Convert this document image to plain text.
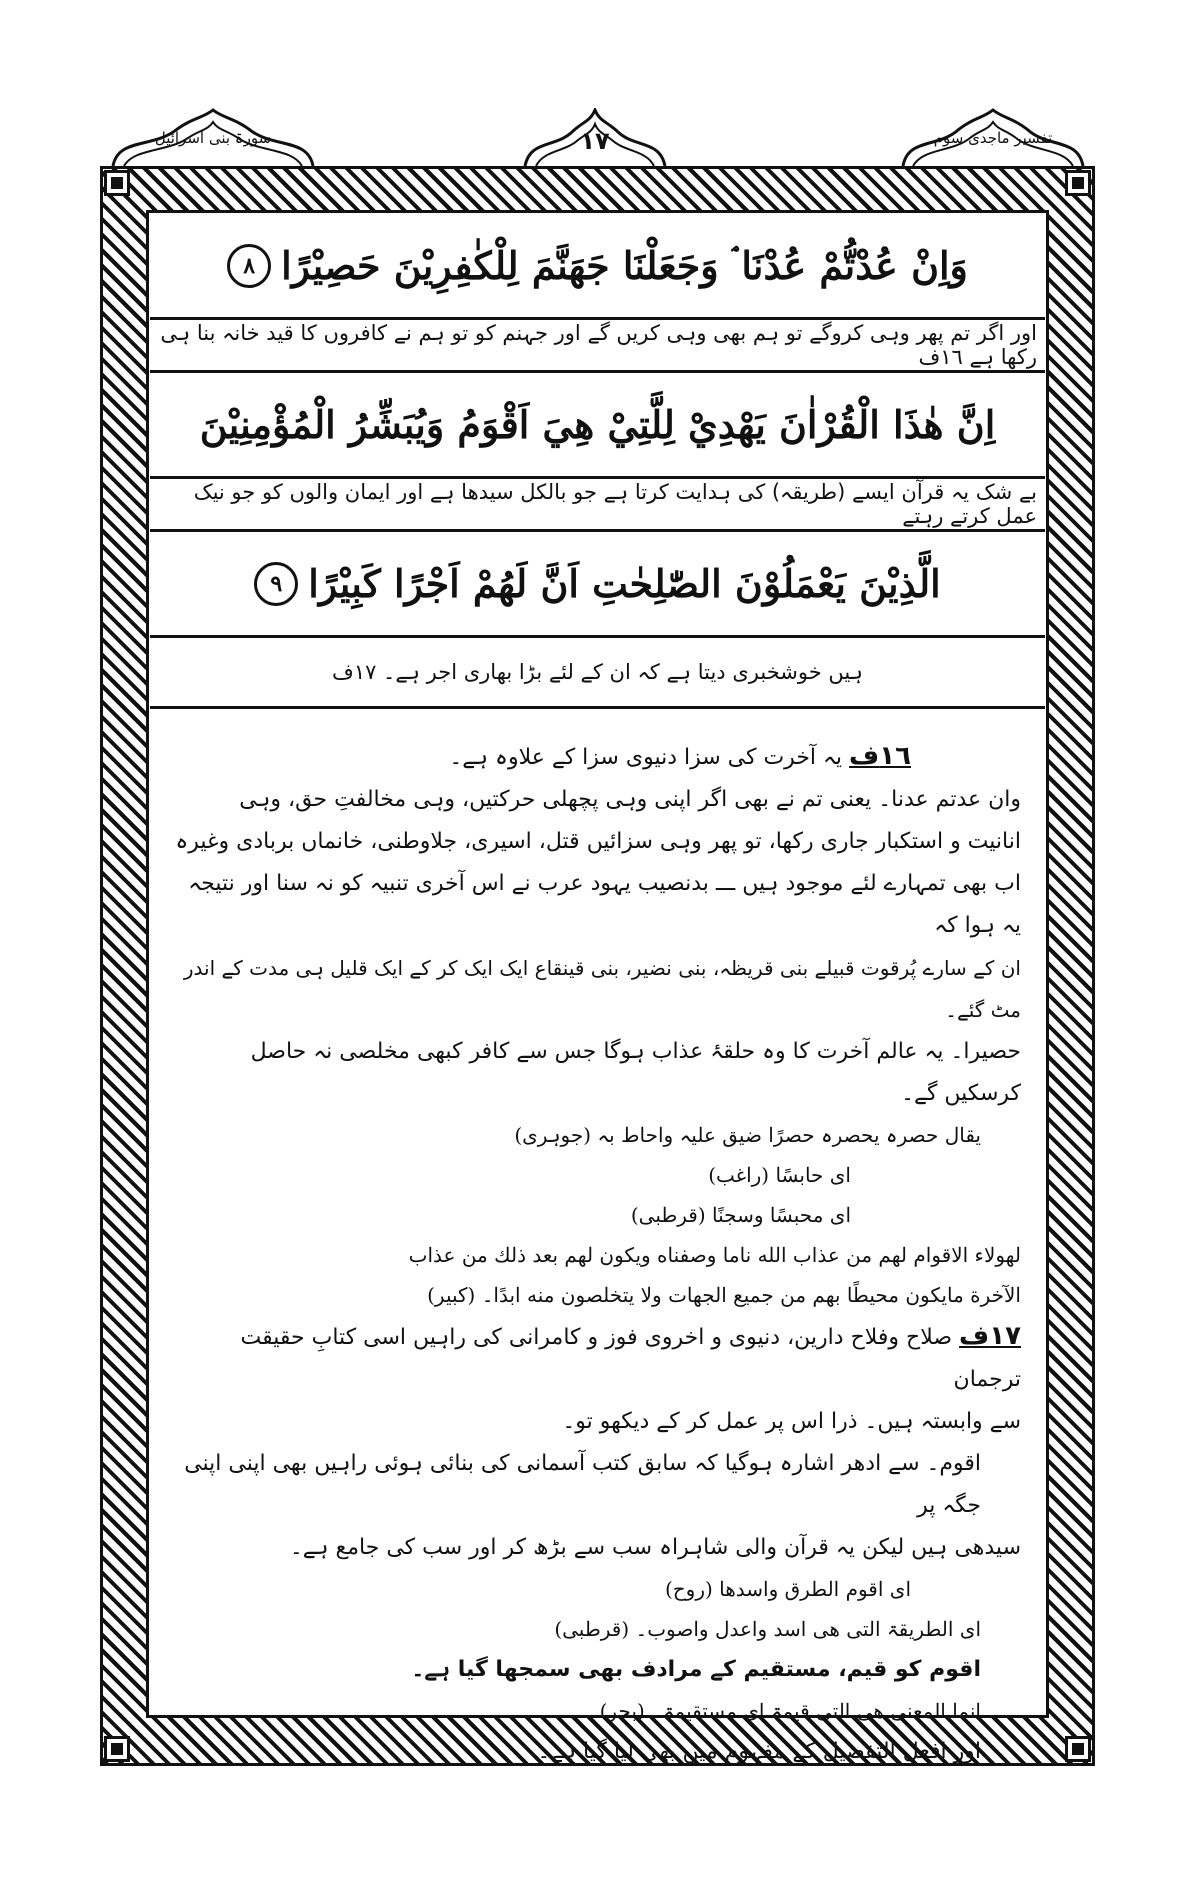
تفسیر ماجدی سوم
١٧
سورۃ بنی اسرائیل
وَاِنْ عُدْتُّمْ عُدْنَا ۘ وَجَعَلْنَا جَهَنَّمَ لِلْكٰفِرِيْنَ حَصِيْرًا
٨
اور اگر تم پھر وہی کروگے تو ہم بھی وہی کریں گے اور جہنم کو تو ہم نے کافروں کا قید خانہ بنا ہی رکھا ہے ١٦ف
اِنَّ هٰذَا الْقُرْاٰنَ يَهْدِيْ لِلَّتِيْ هِيَ اَقْوَمُ وَيُبَشِّرُ الْمُؤْمِنِيْنَ
بے شک یہ قرآن ایسے (طریقہ) کی ہدایت کرتا ہے جو بالکل سیدھا ہے اور ایمان والوں کو جو نیک عمل کرتے رہتے
الَّذِيْنَ يَعْمَلُوْنَ الصّٰلِحٰتِ اَنَّ لَهُمْ اَجْرًا كَبِيْرًا
٩
ہیں خوشخبری دیتا ہے کہ ان کے لئے بڑا بھاری اجر ہے۔ ١٧ف

١٦ف یہ آخرت کی سزا دنیوی سزا کے علاوہ ہے۔

وان عدتم عدنا۔ یعنی تم نے بھی اگر اپنی وہی پچھلی حرکتیں، وہی مخالفتِ حق، وہی

انانیت و استکبار جاری رکھا، تو پھر وہی سزائیں قتل، اسیری، جلاوطنی، خانماں بربادی وغیرہ

اب بھی تمہارے لئے موجود ہیں ـــ بدنصیب یہود عرب نے اس آخری تنبیہ کو نہ سنا اور نتیجہ یہ ہوا کہ

ان کے سارے پُرقوت قبیلے بنی قریظہ، بنی نضیر، بنی قینقاع ایک ایک کر کے ایک قلیل ہی مدت کے اندر مٹ گئے۔

حصیرا۔ یہ عالم آخرت کا وہ حلقۂ عذاب ہوگا جس سے کافر کبھی مخلصی نہ حاصل کرسکیں گے۔

یقال حصرہ یحصرہ حصرًا ضیق علیہ واحاط بہ (جوہری)

ای حابسًا (راغب)

ای محبسًا وسجنًا (قرطبی)

لهولاء الاقوام لهم من عذاب الله ناما وصفناه ويكون لهم بعد ذلك من عذاب

الآخرة مايكون محيطًا بهم من جميع الجهات ولا يتخلصون منه ابدًا۔ (كبير)

١٧ف صلاح وفلاح دارین، دنیوی و اخروی فوز و کامرانی کی راہیں اسی کتابِ حقیقت ترجمان

سے وابستہ ہیں۔ ذرا اس پر عمل کر کے دیکھو تو۔

اقوم۔ سے ادھر اشارہ ہوگیا کہ سابق کتب آسمانی کی بنائی ہوئی راہیں بھی اپنی اپنی جگہ پر

سیدھی ہیں لیکن یہ قرآن والی شاہراہ سب سے بڑھ کر اور سب کی جامع ہے۔

ای اقوم الطرق واسدها (روح)

ای الطریقۃ التی ھی اسد واعدل واصوب۔ (قرطبی)

اقوم کو قیم، مستقیم کے مرادف بھی سمجھا گیا ہے۔

انما المعنی ھی التی قیمۃ ای مستقیمۃ۔ (بحر)

اور افعل التفضیل کے مفہوم میں بھی لیا گیا ہے۔
